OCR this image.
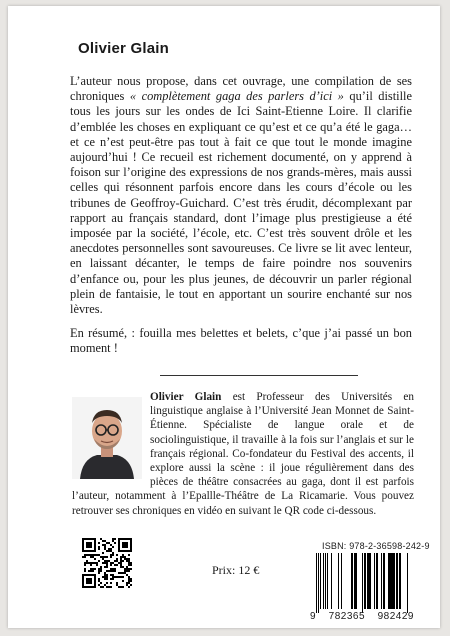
Olivier Glain

L’auteur nous propose, dans cet ouvrage, une compilation de ses chroniques « complètement gaga des parlers d’ici » qu’il distille tous les jours sur les ondes de Ici Saint-Etienne Loire. Il clarifie d’emblée les choses en expliquant ce qu’est et ce qu’a été le gaga… et ce n’est peut-être pas tout à fait ce que tout le monde imagine aujourd’hui ! Ce recueil est richement documenté, on y apprend à foison sur l’origine des expressions de nos grands-mères, mais aussi celles qui résonnent parfois encore dans les cours d’école ou les tribunes de Geoffroy-Guichard. C’est très érudit, décomplexant par rapport au français standard, dont l’image plus prestigieuse a été imposée par la société, l’école, etc. C’est très souvent drôle et les anecdotes personnelles sont savoureuses. Ce livre se lit avec lenteur, en laissant décanter, le temps de faire poindre nos souvenirs d’enfance ou, pour les plus jeunes, de découvrir un parler régional plein de fantaisie, le tout en apportant un sourire enchanté sur nos lèvres.

En résumé, : fouilla mes belettes et belets, c’que j’ai passé un bon moment !

Olivier Glain
est Professeur des Universités en linguistique anglaise à l’Université Jean Monnet de Saint-Étienne. Spécialiste de langue orale et de sociolinguistique, il travaille à la fois sur l’anglais et sur le français régional. Co-fondateur du Festival des accents, il explore aussi la scène : il joue régulièrement dans des pièces de théâtre consacrées au gaga, dont il est parfois l’auteur, notamment à l’Epallle-Théâtre de La Ricamarie. Vous pouvez retrouver ses chroniques en vidéo en suivant le QR code ci-dessous.
Prix: 12 €
ISBN: 978-2-36598-242-9
9 782365 982429
